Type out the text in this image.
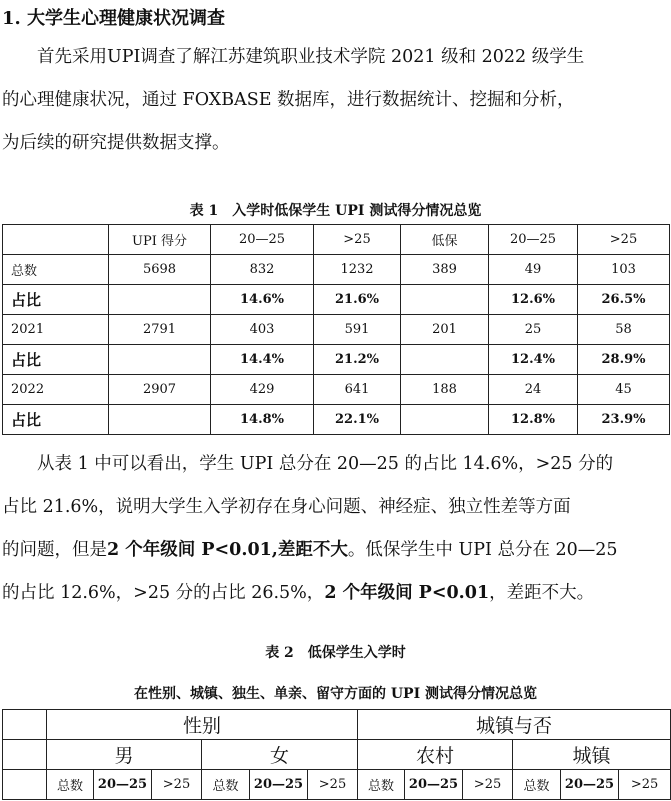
1. 大学生心理健康状况调查
首先采用UPI调查了解江苏建筑职业技术学院 2021 级和 2022 级学生
的心理健康状况，通过 FOXBASE 数据库，进行数据统计、挖掘和分析，
为后续的研究提供数据支撑。
表 1　入学时低保学生 UPI 测试得分情况总览
	UPI 得分	20—25	>25	低保	20—25	>25
总数	5698	832	1232	389	49	103
占比		14.6%	21.6%		12.6%	26.5%
2021	2791	403	591	201	25	58
占比		14.4%	21.2%		12.4%	28.9%
2022	2907	429	641	188	24	45
占比		14.8%	22.1%		12.8%	23.9%
从表 1 中可以看出，学生 UPI 总分在 20—25 的占比 14.6%，>25 分的
占比 21.6%，说明大学生入学初存在身心问题、神经症、独立性差等方面
的问题，但是2 个年级间 P<0.01,差距不大。低保学生中 UPI 总分在 20—25
的占比 12.6%，>25 分的占比 26.5%，2 个年级间 P<0.01，差距不大。
表 2　低保学生入学时
在性别、城镇、独生、单亲、留守方面的 UPI 测试得分情况总览
	性别						城镇与否					
	男			女			农村			城镇		
	总数	20—25	>25	总数	20—25	>25	总数	20—25	>25	总数	20—25	>25
